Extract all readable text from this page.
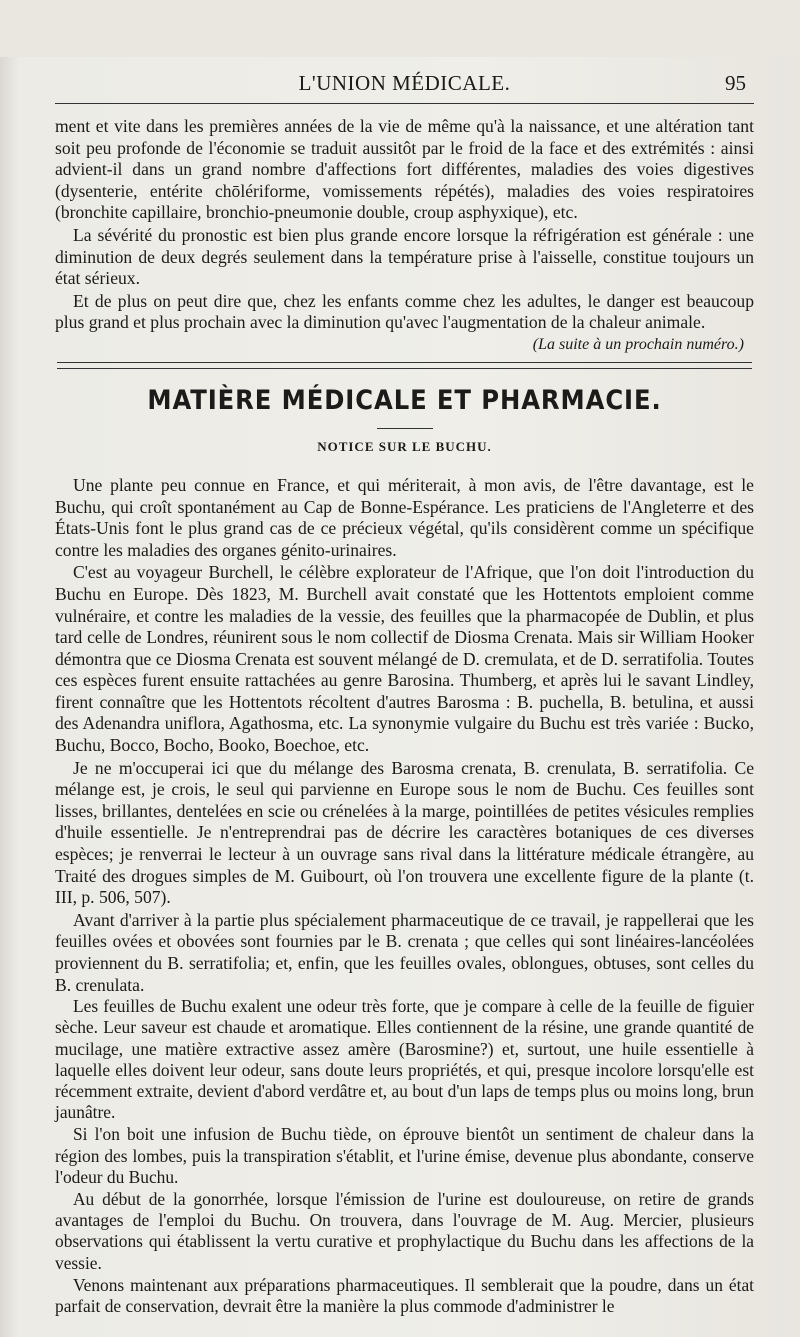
L'UNION MÉDICALE.	95

ment et vite dans les premières années de la vie de même qu'à la naissance, et une altération tant soit peu profonde de l'économie se traduit aussitôt par le froid de la face et des extrémités : ainsi advient-il dans un grand nombre d'affections fort différentes, maladies des voies digestives (dysenterie, entérite chōlériforme, vomissements répétés), maladies des voies respiratoires (bronchite capillaire, bronchio-pneumonie double, croup asphyxique), etc.

La sévérité du pronostic est bien plus grande encore lorsque la réfrigération est générale : une diminution de deux degrés seulement dans la température prise à l'aisselle, constitue toujours un état sérieux.

Et de plus on peut dire que, chez les enfants comme chez les adultes, le danger est beaucoup plus grand et plus prochain avec la diminution qu'avec l'augmentation de la chaleur animale.

(La suite à un prochain numéro.)
MATIÈRE MÉDICALE ET PHARMACIE.
NOTICE SUR LE BUCHU.

Une plante peu connue en France, et qui mériterait, à mon avis, de l'être davantage, est le Buchu, qui croît spontanément au Cap de Bonne-Espérance. Les praticiens de l'Angleterre et des États-Unis font le plus grand cas de ce précieux végétal, qu'ils considèrent comme un spécifique contre les maladies des organes génito-urinaires.

C'est au voyageur Burchell, le célèbre explorateur de l'Afrique, que l'on doit l'introduction du Buchu en Europe. Dès 1823, M. Burchell avait constaté que les Hottentots emploient comme vulnéraire, et contre les maladies de la vessie, des feuilles que la pharmacopée de Dublin, et plus tard celle de Londres, réunirent sous le nom collectif de Diosma Crenata. Mais sir William Hooker démontra que ce Diosma Crenata est souvent mélangé de D. cremulata, et de D. serratifolia. Toutes ces espèces furent ensuite rattachées au genre Barosina. Thumberg, et après lui le savant Lindley, firent connaître que les Hottentots récoltent d'autres Barosma : B. puchella, B. betulina, et aussi des Adenandra uniflora, Agathosma, etc. La synonymie vulgaire du Buchu est très variée : Bucko, Buchu, Bocco, Bocho, Booko, Boechoe, etc.

Je ne m'occuperai ici que du mélange des Barosma crenata, B. crenulata, B. serratifolia. Ce mélange est, je crois, le seul qui parvienne en Europe sous le nom de Buchu. Ces feuilles sont lisses, brillantes, dentelées en scie ou crénelées à la marge, pointillées de petites vésicules remplies d'huile essentielle. Je n'entreprendrai pas de décrire les caractères botaniques de ces diverses espèces; je renverrai le lecteur à un ouvrage sans rival dans la littérature médicale étrangère, au Traité des drogues simples de M. Guibourt, où l'on trouvera une excellente figure de la plante (t. III, p. 506, 507).

Avant d'arriver à la partie plus spécialement pharmaceutique de ce travail, je rappellerai que les feuilles ovées et obovées sont fournies par le B. crenata ; que celles qui sont linéaires-lancéolées proviennent du B. serratifolia; et, enfin, que les feuilles ovales, oblongues, obtuses, sont celles du B. crenulata.

Les feuilles de Buchu exalent une odeur très forte, que je compare à celle de la feuille de figuier sèche. Leur saveur est chaude et aromatique. Elles contiennent de la résine, une grande quantité de mucilage, une matière extractive assez amère (Barosmine?) et, surtout, une huile essentielle à laquelle elles doivent leur odeur, sans doute leurs propriétés, et qui, presque incolore lorsqu'elle est récemment extraite, devient d'abord verdâtre et, au bout d'un laps de temps plus ou moins long, brun jaunâtre.

Si l'on boit une infusion de Buchu tiède, on éprouve bientôt un sentiment de chaleur dans la région des lombes, puis la transpiration s'établit, et l'urine émise, devenue plus abondante, conserve l'odeur du Buchu.

Au début de la gonorrhée, lorsque l'émission de l'urine est douloureuse, on retire de grands avantages de l'emploi du Buchu. On trouvera, dans l'ouvrage de M. Aug. Mercier, plusieurs observations qui établissent la vertu curative et prophylactique du Buchu dans les affections de la vessie.

Venons maintenant aux préparations pharmaceutiques. Il semblerait que la poudre, dans un état parfait de conservation, devrait être la manière la plus commode d'administrer le
